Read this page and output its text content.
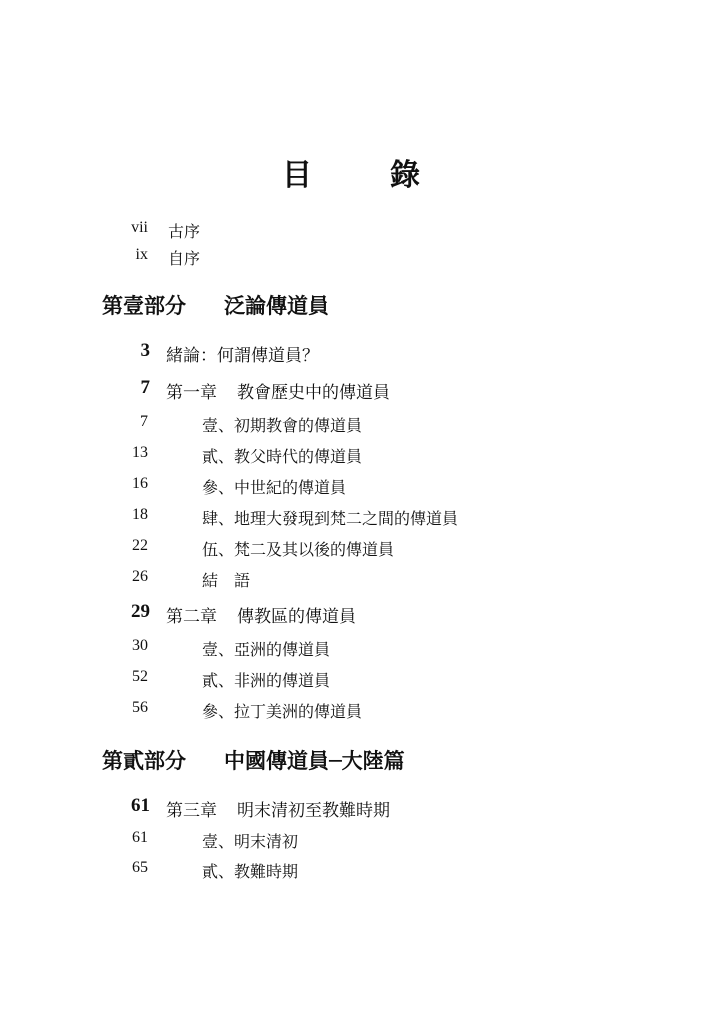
目	錄
vii 古序
ix 自序
第壹部分 泛論傳道員
3 緒論：何謂傳道員？
7 第一章 教會歷史中的傳道員
7	壹、初期教會的傳道員
13	貳、教父時代的傳道員
16	參、中世紀的傳道員
18	肆、地理大發現到梵二之間的傳道員
22	伍、梵二及其以後的傳道員
26	結　語
29 第二章 傳教區的傳道員
30	壹、亞洲的傳道員
52	貳、非洲的傳道員
56	參、拉丁美洲的傳道員
第貳部分 中國傳道員─大陸篇
61 第三章 明末清初至教難時期
61	壹、明末清初
65	貳、教難時期
